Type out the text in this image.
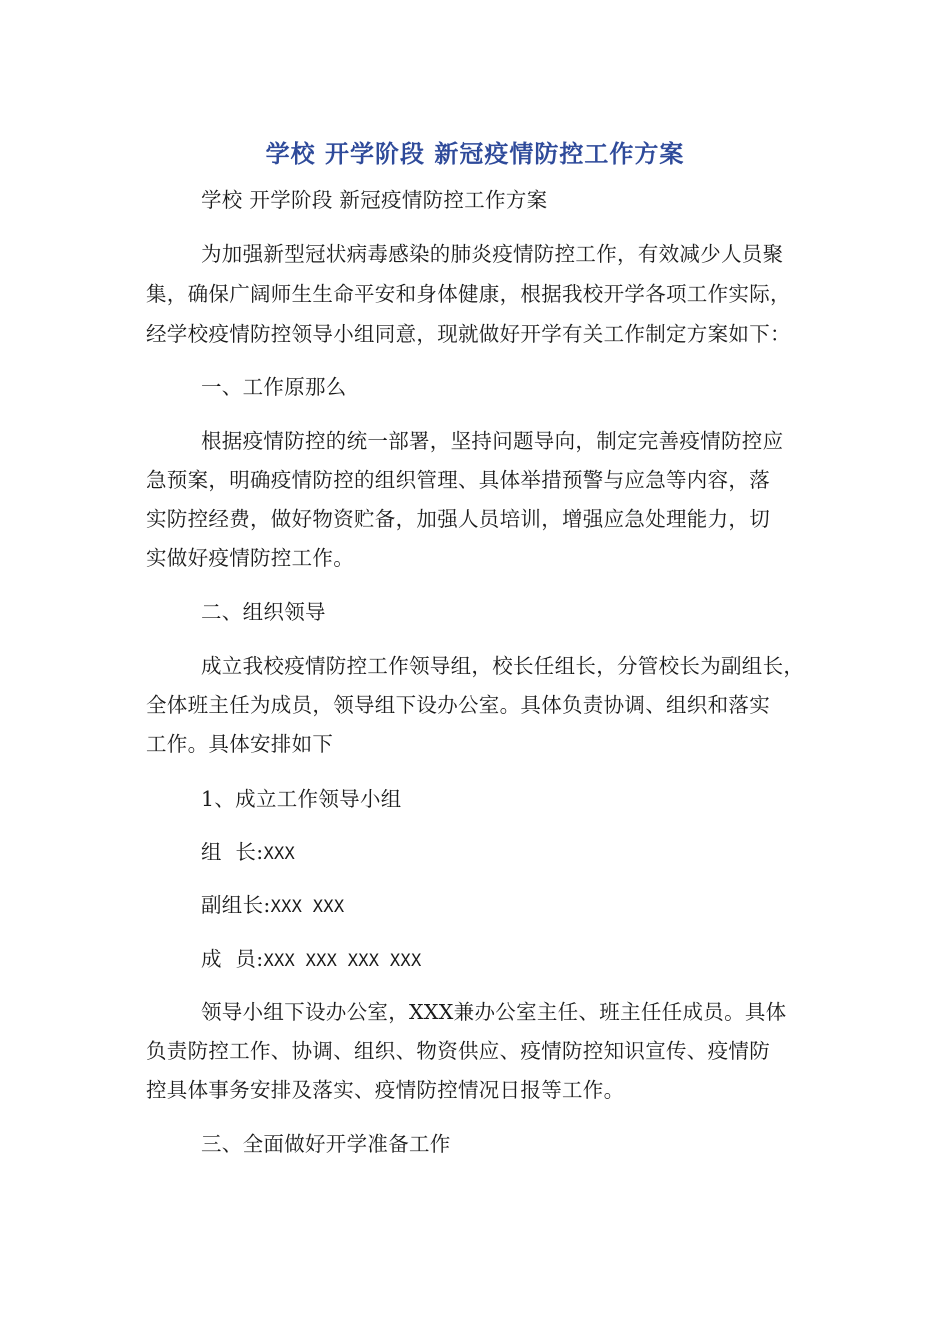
学校 开学阶段 新冠疫情防控工作方案
学校 开学阶段 新冠疫情防控工作方案
为加强新型冠状病毒感染的肺炎疫情防控工作，有效减少人员聚
集，确保广阔师生生命平安和身体健康，根据我校开学各项工作实际，
经学校疫情防控领导小组同意，现就做好开学有关工作制定方案如下：
一、工作原那么
根据疫情防控的统一部署，坚持问题导向，制定完善疫情防控应
急预案，明确疫情防控的组织管理、具体举措预警与应急等内容，落
实防控经费，做好物资贮备，加强人员培训，增强应急处理能力，切
实做好疫情防控工作。
二、组织领导
成立我校疫情防控工作领导组，校长任组长，分管校长为副组长，
全体班主任为成员，领导组下设办公室。具体负责协调、组织和落实
工作。具体安排如下
1、成立工作领导小组
组  长:XXX
副组长:XXX XXX
成  员:XXX XXX XXX XXX
领导小组下设办公室，XXX兼办公室主任、班主任任成员。具体
负责防控工作、协调、组织、物资供应、疫情防控知识宣传、疫情防
控具体事务安排及落实、疫情防控情况日报等工作。
三、全面做好开学准备工作
